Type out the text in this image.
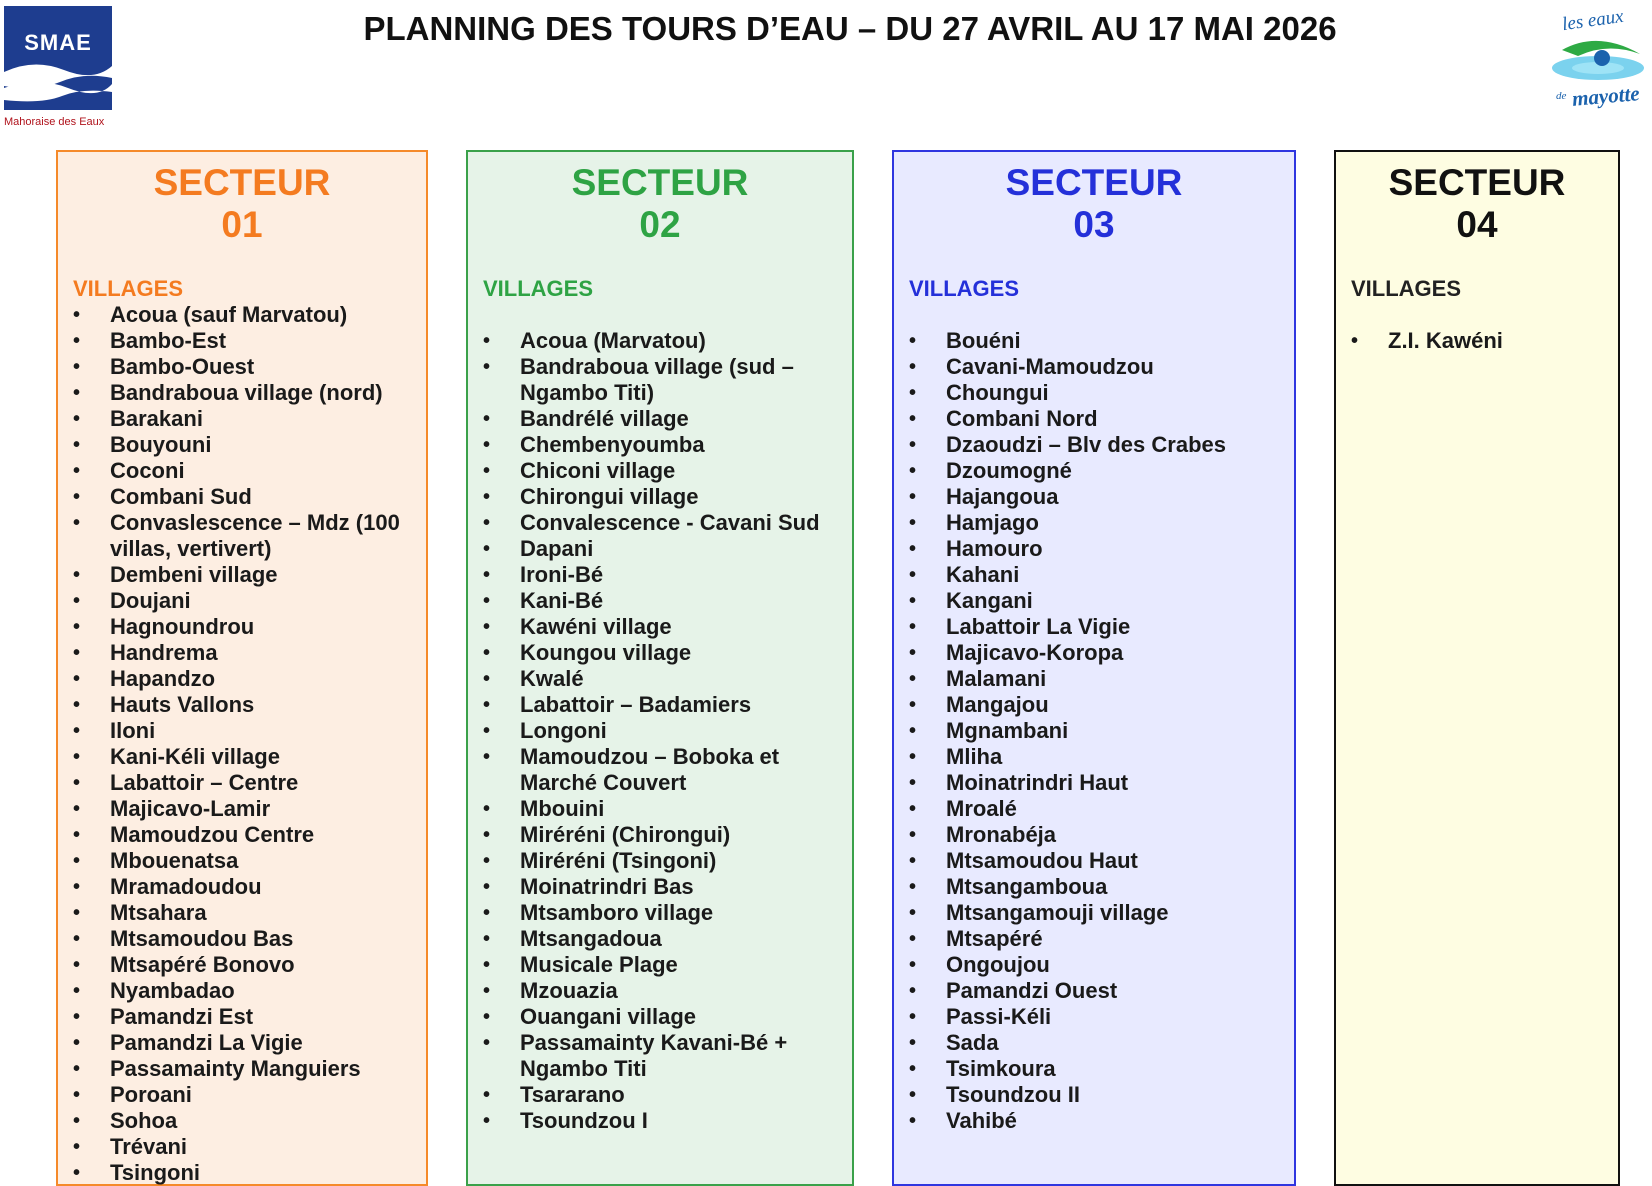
SMAE
Mahoraise des Eaux
PLANNING DES TOURS D’EAU – DU 27 AVRIL AU 17 MAI 2026	les eaux
de mayotte
SECTEUR
01
VILLAGES
• Acoua (sauf Marvatou)
• Bambo-Est
• Bambo-Ouest
• Bandraboua village (nord)
• Barakani
• Bouyouni
• Coconi
• Combani Sud
• Convaslescence – Mdz (100 villas, vertivert)
• Dembeni village
• Doujani
• Hagnoundrou
• Handrema
• Hapandzo
• Hauts Vallons
• Iloni
• Kani-Kéli village
• Labattoir – Centre
• Majicavo-Lamir
• Mamoudzou Centre
• Mbouenatsa
• Mramadoudou
• Mtsahara
• Mtsamoudou Bas
• Mtsapéré Bonovo
• Nyambadao
• Pamandzi Est
• Pamandzi La Vigie
• Passamainty Manguiers
• Poroani
• Sohoa
• Trévani
• Tsingoni
SECTEUR
02
VILLAGES
• Acoua (Marvatou)
• Bandraboua village (sud – Ngambo Titi)
• Bandrélé village
• Chembenyoumba
• Chiconi village
• Chirongui village
• Convalescence - Cavani Sud
• Dapani
• Ironi-Bé
• Kani-Bé
• Kawéni village
• Koungou village
• Kwalé
• Labattoir – Badamiers
• Longoni
• Mamoudzou – Boboka et Marché Couvert
• Mbouini
• Miréréni (Chirongui)
• Miréréni (Tsingoni)
• Moinatrindri Bas
• Mtsamboro village
• Mtsangadoua
• Musicale Plage
• Mzouazia
• Ouangani village
• Passamainty Kavani-Bé + Ngambo Titi
• Tsararano
• Tsoundzou I
SECTEUR
03
VILLAGES
• Bouéni
• Cavani-Mamoudzou
• Choungui
• Combani Nord
• Dzaoudzi – Blv des Crabes
• Dzoumogné
• Hajangoua
• Hamjago
• Hamouro
• Kahani
• Kangani
• Labattoir La Vigie
• Majicavo-Koropa
• Malamani
• Mangajou
• Mgnambani
• Mliha
• Moinatrindri Haut
• Mroalé
• Mronabéja
• Mtsamoudou Haut
• Mtsangamboua
• Mtsangamouji village
• Mtsapéré
• Ongoujou
• Pamandzi Ouest
• Passi-Kéli
• Sada
• Tsimkoura
• Tsoundzou II
• Vahibé
SECTEUR
04
VILLAGES
• Z.I. Kawéni
